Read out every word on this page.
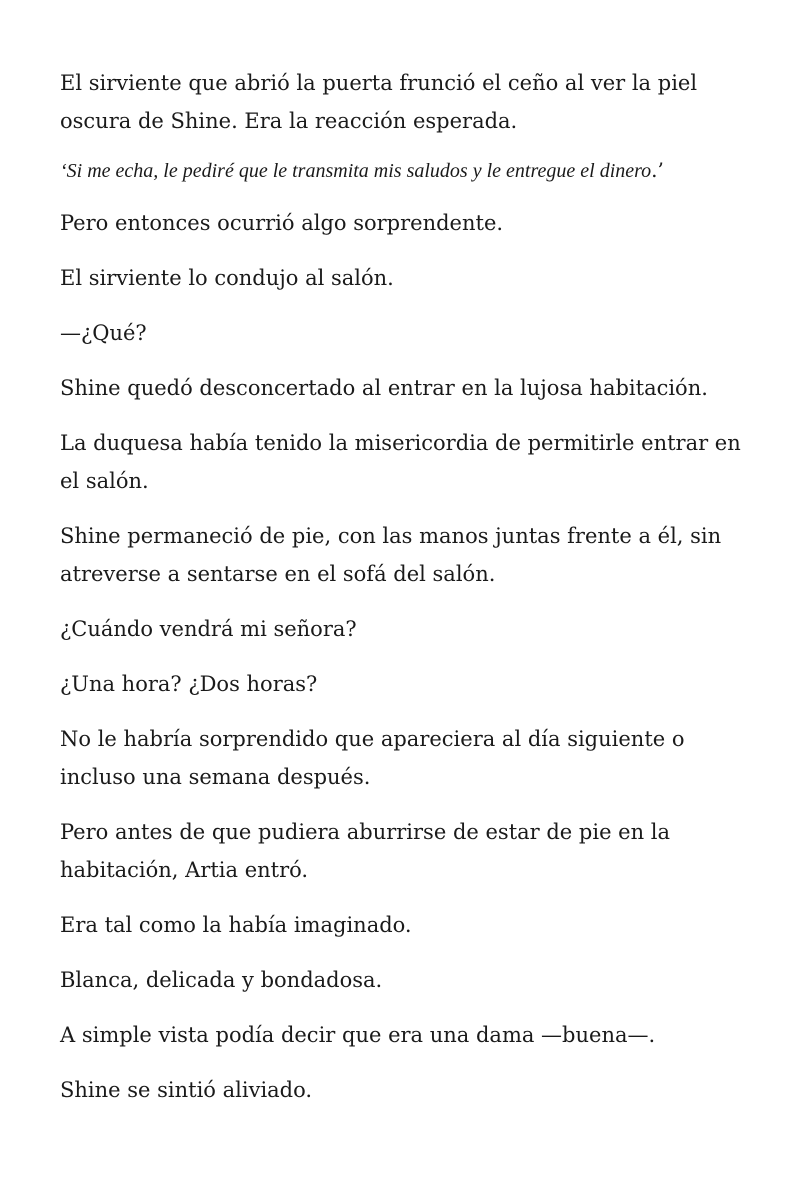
El sirviente que abrió la puerta frunció el ceño al ver la piel oscura de Shine. Era la reacción esperada.

‘Si me echa, le pediré que le transmita mis saludos y le entregue el dinero.’

Pero entonces ocurrió algo sorprendente.

El sirviente lo condujo al salón.

—¿Qué?

Shine quedó desconcertado al entrar en la lujosa habitación.

La duquesa había tenido la misericordia de permitirle entrar en el salón.

Shine permaneció de pie, con las manos juntas frente a él, sin atreverse a sentarse en el sofá del salón.

¿Cuándo vendrá mi señora?

¿Una hora? ¿Dos horas?

No le habría sorprendido que apareciera al día siguiente o incluso una semana después.

Pero antes de que pudiera aburrirse de estar de pie en la habitación, Artia entró.

Era tal como la había imaginado.

Blanca, delicada y bondadosa.

A simple vista podía decir que era una dama —buena—.

Shine se sintió aliviado.
